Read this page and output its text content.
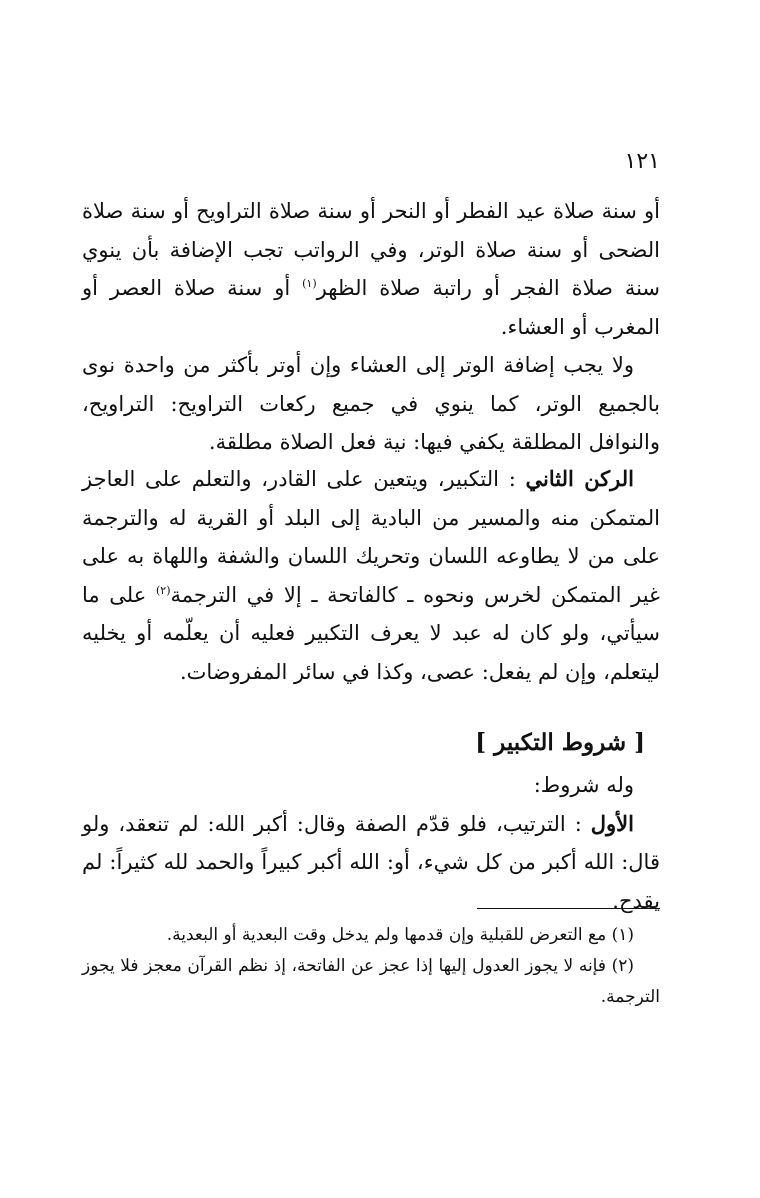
١٢١
أو سنة صلاة عيد الفطر أو النحر أو سنة صلاة التراويح أو سنة صلاة الضحى أو سنة صلاة الوتر، وفي الرواتب تجب الإضافة بأن ينوي سنة صلاة الفجر أو راتبة صلاة الظهر$^{(١)}$ أو سنة صلاة العصر أو المغرب أو العشاء.
ولا يجب إضافة الوتر إلى العشاء وإن أوتر بأكثر من واحدة نوى بالجميع الوتر، كما ينوي في جميع ركعات التراويح: التراويح، والنوافل المطلقة يكفي فيها: نية فعل الصلاة مطلقة.
الركن الثاني : التكبير، ويتعين على القادر، والتعلم على العاجز المتمكن منه والمسير من البادية إلى البلد أو القرية له والترجمة على من لا يطاوعه اللسان وتحريك اللسان والشفة واللهاة به على غير المتمكن لخرس ونحوه ـ كالفاتحة ـ إلا في الترجمة$^{(٢)}$ على ما سيأتي، ولو كان له عبد لا يعرف التكبير فعليه أن يعلّمه أو يخليه ليتعلم، وإن لم يفعل: عصى، وكذا في سائر المفروضات.
[ شروط التكبير ]
وله شروط:
الأول : الترتيب، فلو قدّم الصفة وقال: أكبر الله: لم تنعقد، ولو قال: الله أكبر من كل شيء، أو: الله أكبر كبيراً والحمد لله كثيراً: لم يقدح.

(١) مع التعرض للقبلية وإن قدمها ولم يدخل وقت البعدية أو البعدية.

(٢) فإنه لا يجوز العدول إليها إذا عجز عن الفاتحة، إذ نظم القرآن معجز فلا يجوز الترجمة.
